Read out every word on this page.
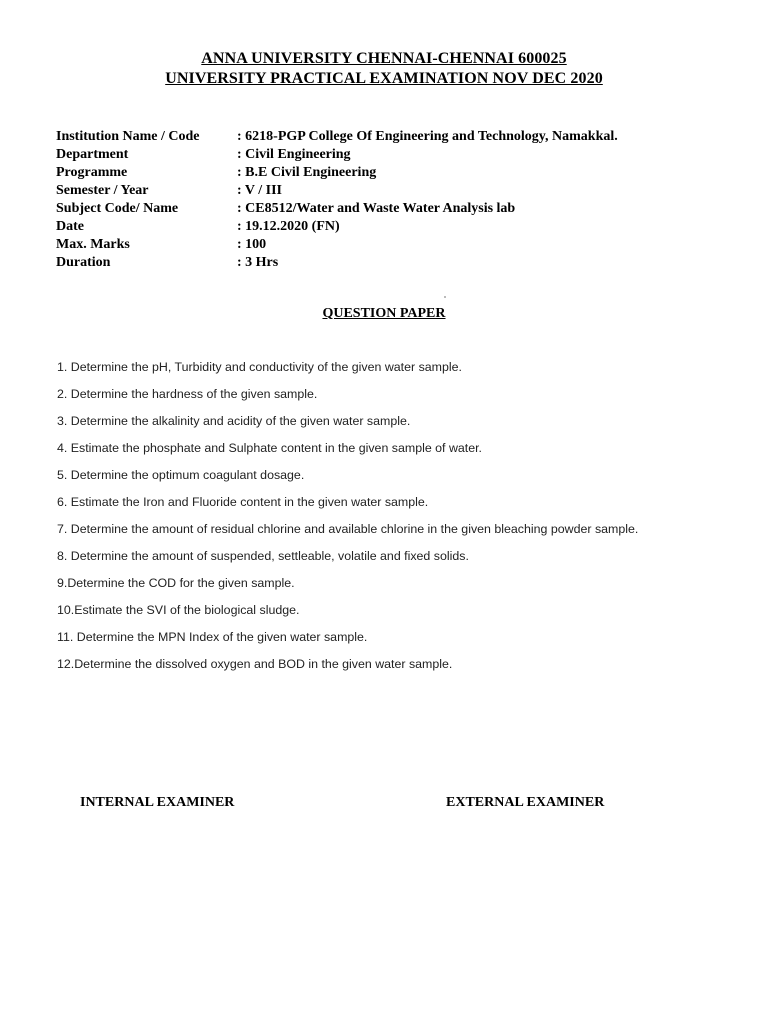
ANNA UNIVERSITY CHENNAI-CHENNAI 600025
UNIVERSITY PRACTICAL EXAMINATION NOV DEC 2020
Institution Name / Code	: 6218-PGP College Of Engineering and Technology, Namakkal.
Department	: Civil Engineering
Programme	: B.E Civil Engineering
Semester / Year	: V / III
Subject Code/ Name	: CE8512/Water and Waste Water Analysis lab
Date	: 19.12.2020 (FN)
Max. Marks	: 100
Duration	: 3 Hrs
QUESTION PAPER
1. Determine the pH, Turbidity and conductivity of the given water sample.
2. Determine the hardness of the given sample.
3. Determine the alkalinity and acidity of the given water sample.
4. Estimate the phosphate and Sulphate content in the given sample of water.
5. Determine the optimum coagulant dosage.
6. Estimate the Iron and Fluoride content in the given water sample.
7. Determine the amount of residual chlorine and available chlorine in the given bleaching powder sample.
8. Determine the amount of suspended, settleable, volatile and fixed solids.
9.Determine the COD for the given sample.
10.Estimate the SVI of the biological sludge.
11. Determine the MPN Index of the given water sample.
12.Determine the dissolved oxygen and BOD in the given water sample.
INTERNAL EXAMINER	EXTERNAL EXAMINER
